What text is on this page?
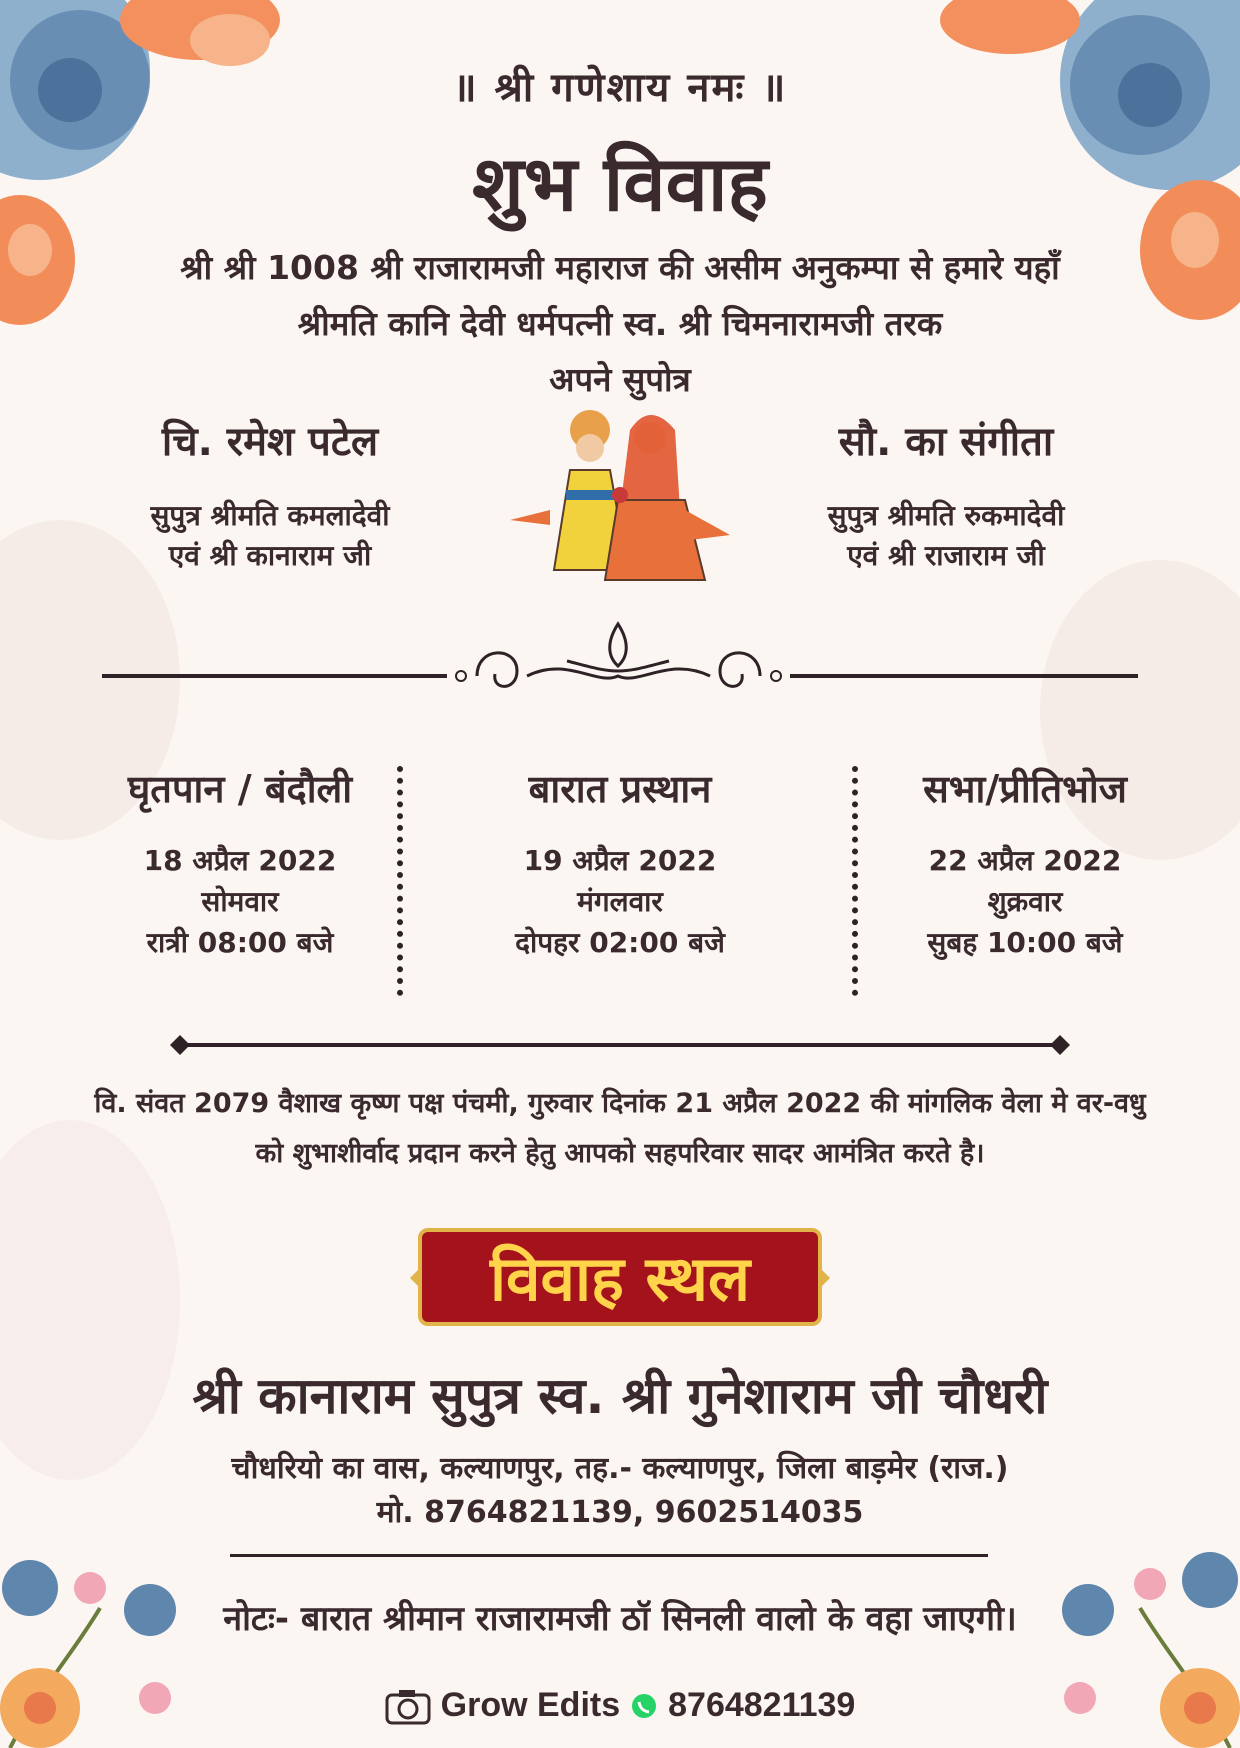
॥ श्री गणेशाय नमः ॥
शुभ विवाह
श्री श्री 1008 श्री राजारामजी महाराज की असीम अनुकम्पा से हमारे यहाँ
श्रीमति कानि देवी धर्मपत्नी स्व. श्री चिमनारामजी तरक
अपने सुपोत्र
चि. रमेश पटेल
सुपुत्र श्रीमति कमलादेवी
एवं श्री कानाराम जी
सौ. का संगीता
सुपुत्र श्रीमति रुकमादेवी
एवं श्री राजाराम जी
घृतपान / बंदौली
18 अप्रैल 2022
सोमवार
रात्री 08:00 बजे
बारात प्रस्थान
19 अप्रैल 2022
मंगलवार
दोपहर 02:00 बजे
सभा/प्रीतिभोज
22 अप्रैल 2022
शुक्रवार
सुबह 10:00 बजे
वि. संवत 2079 वैशाख कृष्ण पक्ष पंचमी, गुरुवार दिनांक 21 अप्रैल 2022 की मांगलिक वेला मे वर-वधु
को शुभाशीर्वाद प्रदान करने हेतु आपको सहपरिवार सादर आमंत्रित करते है।
विवाह स्थल
श्री कानाराम सुपुत्र स्व. श्री गुनेशाराम जी चौधरी
चौधरियो का वास, कल्याणपुर, तह.- कल्याणपुर, जिला बाड़मेर (राज.)
मो. 8764821139, 9602514035
नोटः- बारात श्रीमान राजारामजी ठॉ सिनली वालो के वहा जाएगी।
Grow Edits 8764821139
